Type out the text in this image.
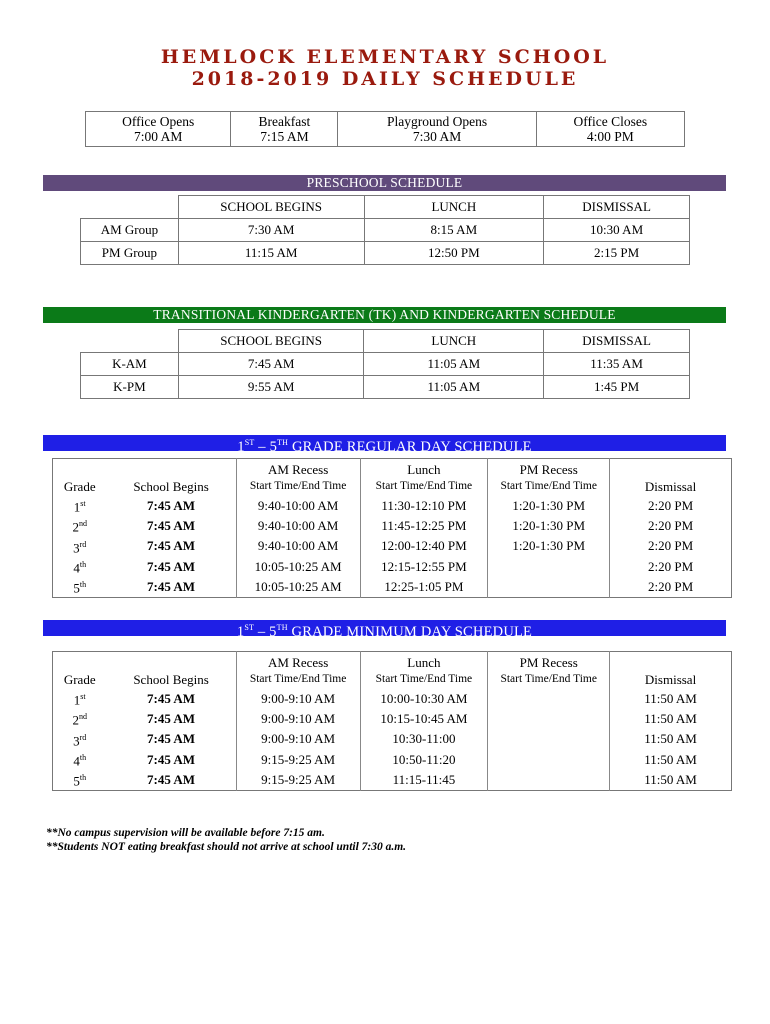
HEMLOCK ELEMENTARY SCHOOL
2018-2019 DAILY SCHEDULE
Office Opens
7:00 AM

Breakfast
7:15 AM

Playground Opens
7:30 AM

Office Closes
4:00 PM
PRESCHOOL SCHEDULE
	SCHOOL BEGINS	LUNCH	DISMISSAL
AM Group	7:30 AM	8:15 AM	10:30 AM
PM Group	11:15 AM	12:50 PM	2:15 PM
TRANSITIONAL KINDERGARTEN (TK) AND KINDERGARTEN SCHEDULE
	SCHOOL BEGINS	LUNCH	DISMISSAL
K-AM	7:45 AM	11:05 AM	11:35 AM
K-PM	9:55 AM	11:05 AM	1:45 PM
1ST – 5TH GRADE REGULAR DAY SCHEDULE
		AM Recess	Lunch	PM Recess	
Grade	School Begins	Start Time/End Time	Start Time/End Time	Start Time/End Time	Dismissal
1st	7:45 AM	9:40-10:00 AM	11:30-12:10 PM	1:20-1:30 PM	2:20 PM
2nd	7:45 AM	9:40-10:00 AM	11:45-12:25 PM	1:20-1:30 PM	2:20 PM
3rd	7:45 AM	9:40-10:00 AM	12:00-12:40 PM	1:20-1:30 PM	2:20 PM
4th	7:45 AM	10:05-10:25 AM	12:15-12:55 PM		2:20 PM
5th	7:45 AM	10:05-10:25 AM	12:25-1:05 PM		2:20 PM
1ST – 5TH GRADE MINIMUM DAY SCHEDULE
		AM Recess	Lunch	PM Recess	
Grade	School Begins	Start Time/End Time	Start Time/End Time	Start Time/End Time	Dismissal
1st	7:45 AM	9:00-9:10 AM	10:00-10:30 AM		11:50 AM
2nd	7:45 AM	9:00-9:10 AM	10:15-10:45 AM		11:50 AM
3rd	7:45 AM	9:00-9:10 AM	10:30-11:00		11:50 AM
4th	7:45 AM	9:15-9:25 AM	10:50-11:20		11:50 AM
5th	7:45 AM	9:15-9:25 AM	11:15-11:45		11:50 AM
**No campus supervision will be available before 7:15 am.
**Students NOT eating breakfast should not arrive at school until 7:30 a.m.
